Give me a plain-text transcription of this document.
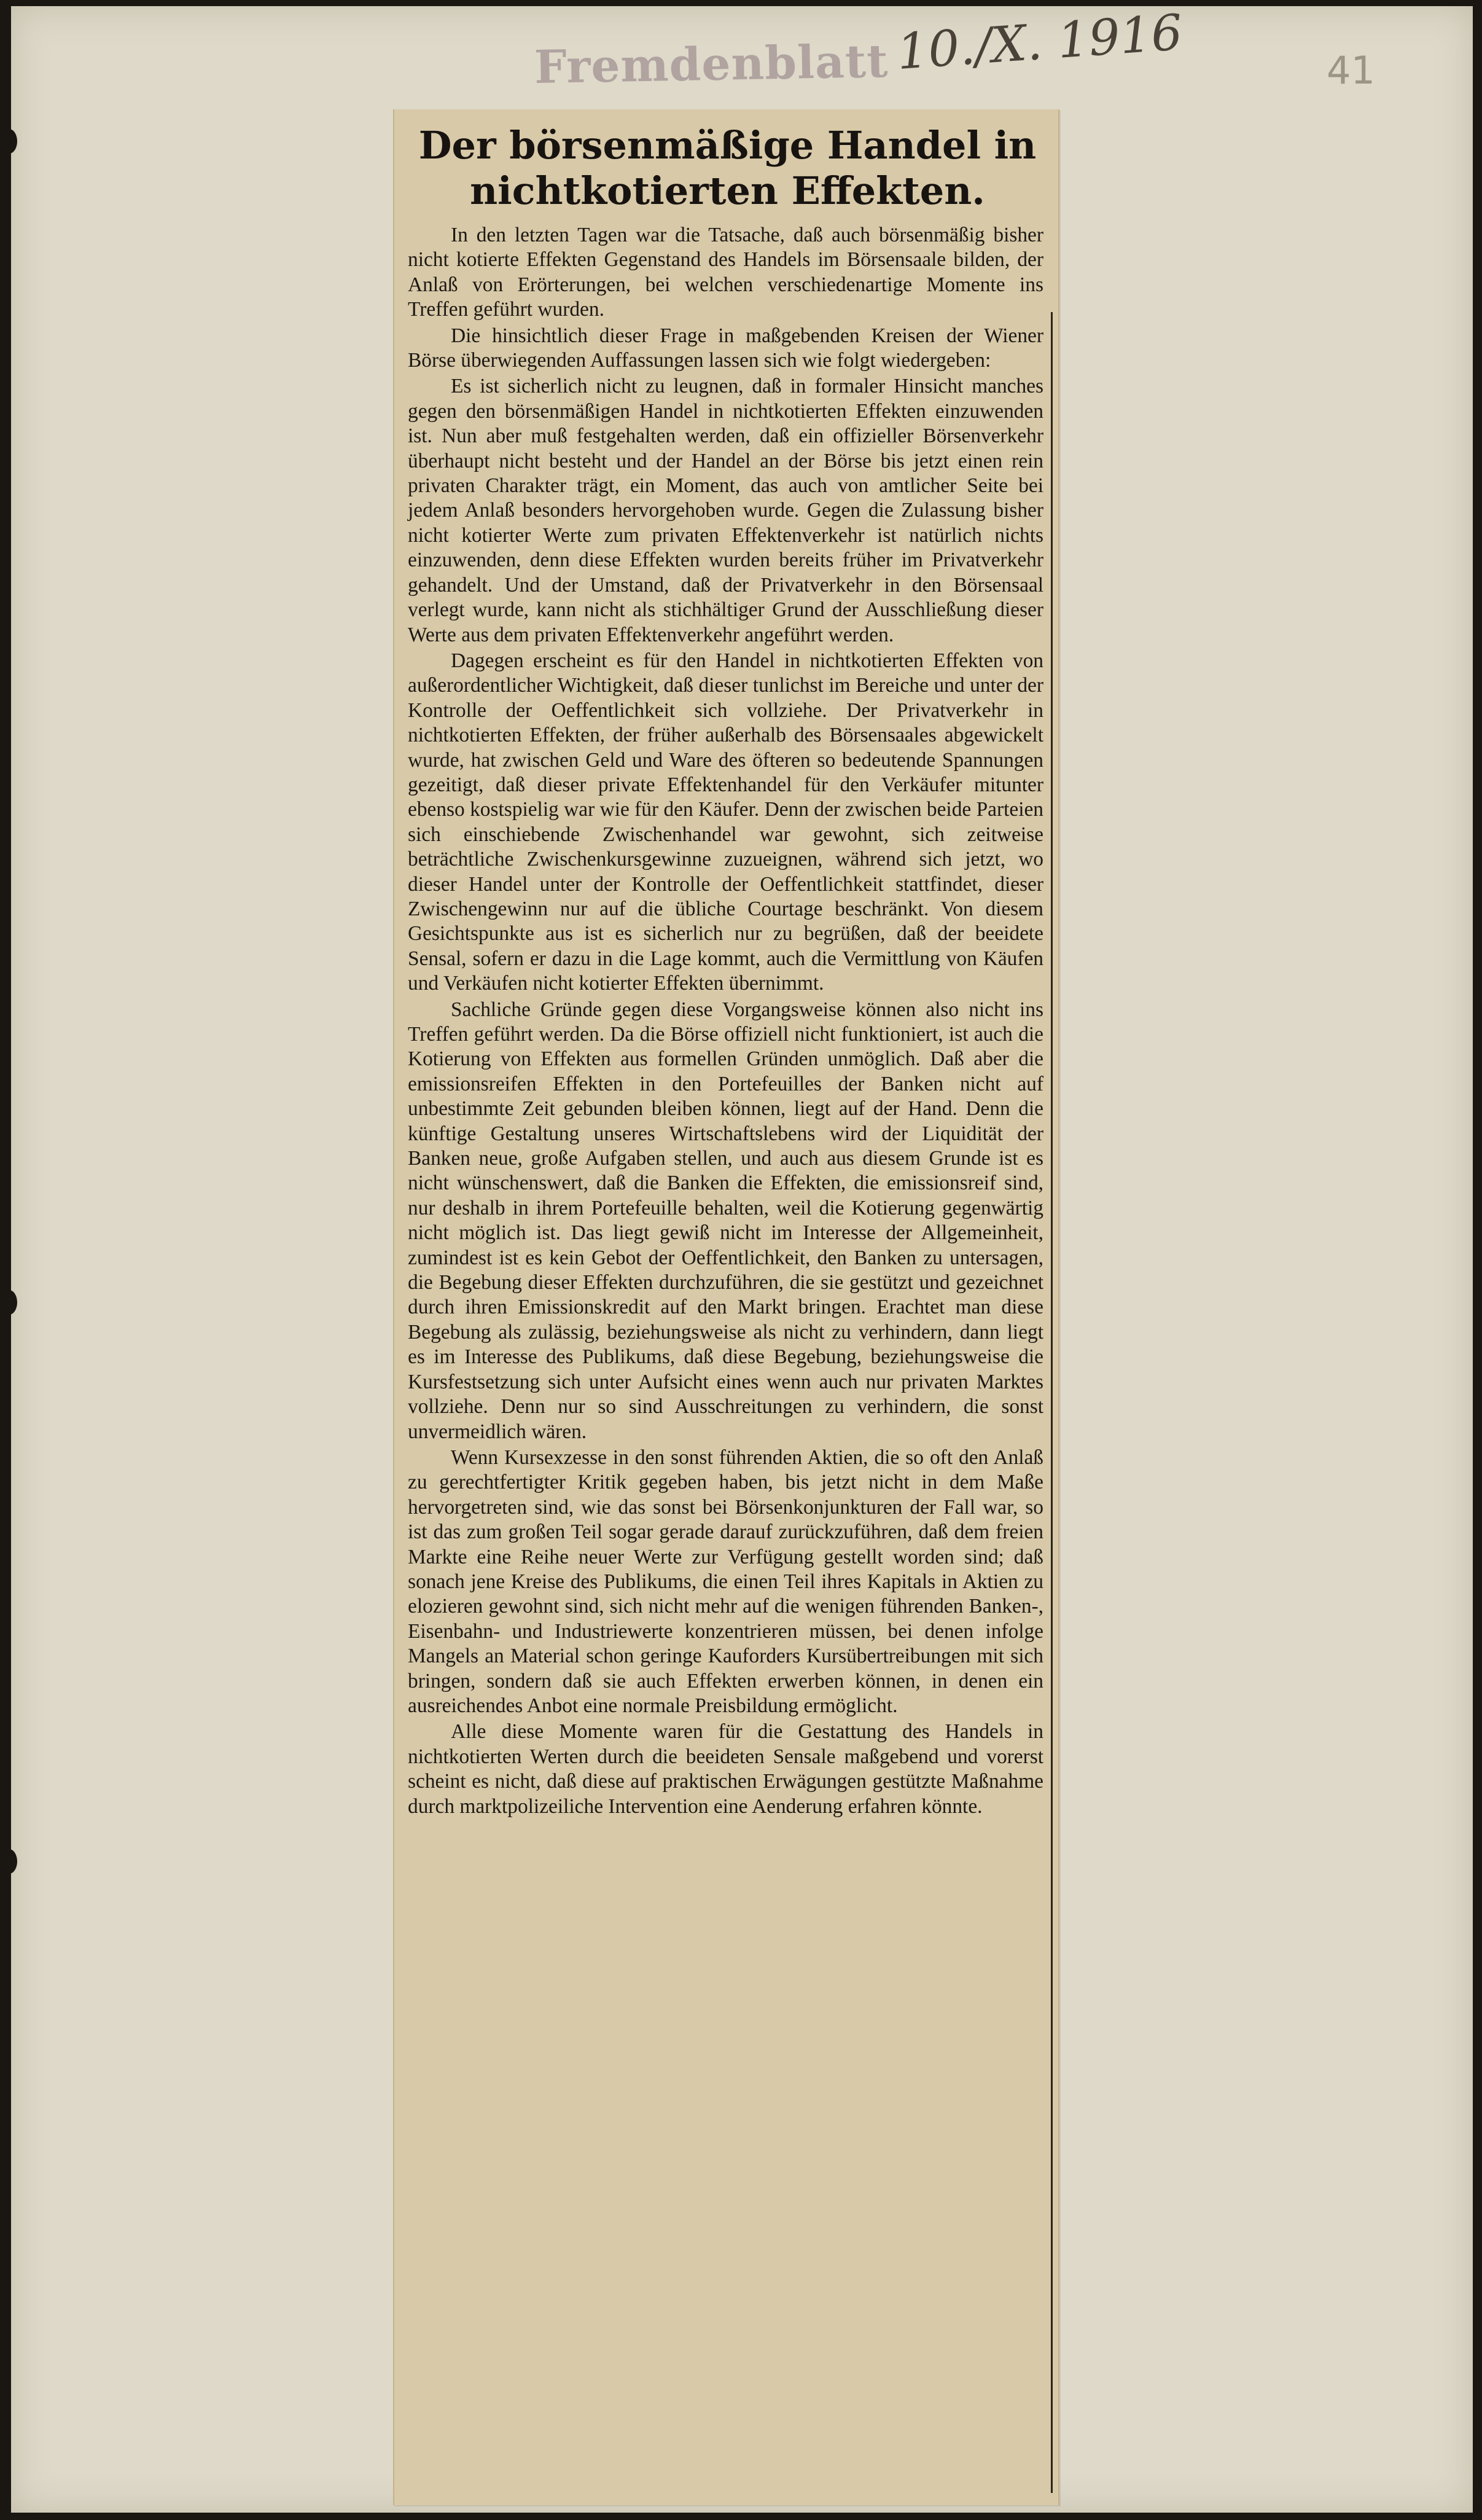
Fremdenblatt 10./X. 1916	41
Der börsenmäßige Handel in nichtkotierten Effekten.

In den letzten Tagen war die Tatsache, daß auch börsenmäßig bisher nicht kotierte Effekten Gegenstand des Handels im Börsensaale bilden, der Anlaß von Erörterungen, bei welchen verschiedenartige Momente ins Treffen geführt wurden.

Die hinsichtlich dieser Frage in maßgebenden Kreisen der Wiener Börse überwiegenden Auffassungen lassen sich wie folgt wiedergeben:

Es ist sicherlich nicht zu leugnen, daß in formaler Hinsicht manches gegen den börsenmäßigen Handel in nichtkotierten Effekten einzuwenden ist. Nun aber muß festgehalten werden, daß ein offizieller Börsenverkehr überhaupt nicht besteht und der Handel an der Börse bis jetzt einen rein privaten Charakter trägt, ein Moment, das auch von amtlicher Seite bei jedem Anlaß besonders hervorgehoben wurde. Gegen die Zulassung bisher nicht kotierter Werte zum privaten Effektenverkehr ist natürlich nichts einzuwenden, denn diese Effekten wurden bereits früher im Privatverkehr gehandelt. Und der Umstand, daß der Privatverkehr in den Börsensaal verlegt wurde, kann nicht als stichhältiger Grund der Ausschließung dieser Werte aus dem privaten Effektenverkehr angeführt werden.

Dagegen erscheint es für den Handel in nichtkotierten Effekten von außerordentlicher Wichtigkeit, daß dieser tunlichst im Bereiche und unter der Kontrolle der Oeffentlichkeit sich vollziehe. Der Privatverkehr in nichtkotierten Effekten, der früher außerhalb des Börsensaales abgewickelt wurde, hat zwischen Geld und Ware des öfteren so bedeutende Spannungen gezeitigt, daß dieser private Effektenhandel für den Verkäufer mitunter ebenso kostspielig war wie für den Käufer. Denn der zwischen beide Parteien sich einschiebende Zwischenhandel war gewohnt, sich zeitweise beträchtliche Zwischenkursgewinne zuzueignen, während sich jetzt, wo dieser Handel unter der Kontrolle der Oeffentlichkeit stattfindet, dieser Zwischengewinn nur auf die übliche Courtage beschränkt. Von diesem Gesichtspunkte aus ist es sicherlich nur zu begrüßen, daß der beeidete Sensal, sofern er dazu in die Lage kommt, auch die Vermittlung von Käufen und Verkäufen nicht kotierter Effekten übernimmt.

Sachliche Gründe gegen diese Vorgangsweise können also nicht ins Treffen geführt werden. Da die Börse offiziell nicht funktioniert, ist auch die Kotierung von Effekten aus formellen Gründen unmöglich. Daß aber die emissionsreifen Effekten in den Portefeuilles der Banken nicht auf unbestimmte Zeit gebunden bleiben können, liegt auf der Hand. Denn die künftige Gestaltung unseres Wirtschaftslebens wird der Liquidität der Banken neue, große Aufgaben stellen, und auch aus diesem Grunde ist es nicht wünschenswert, daß die Banken die Effekten, die emissionsreif sind, nur deshalb in ihrem Portefeuille behalten, weil die Kotierung gegenwärtig nicht möglich ist. Das liegt gewiß nicht im Interesse der Allgemeinheit, zumindest ist es kein Gebot der Oeffentlichkeit, den Banken zu untersagen, die Begebung dieser Effekten durchzuführen, die sie gestützt und gezeichnet durch ihren Emissionskredit auf den Markt bringen. Erachtet man diese Begebung als zulässig, beziehungsweise als nicht zu verhindern, dann liegt es im Interesse des Publikums, daß diese Begebung, beziehungsweise die Kursfestsetzung sich unter Aufsicht eines wenn auch nur privaten Marktes vollziehe. Denn nur so sind Ausschreitungen zu verhindern, die sonst unvermeidlich wären.

Wenn Kursexzesse in den sonst führenden Aktien, die so oft den Anlaß zu gerechtfertigter Kritik gegeben haben, bis jetzt nicht in dem Maße hervorgetreten sind, wie das sonst bei Börsenkonjunkturen der Fall war, so ist das zum großen Teil sogar gerade darauf zurückzuführen, daß dem freien Markte eine Reihe neuer Werte zur Verfügung gestellt worden sind; daß sonach jene Kreise des Publikums, die einen Teil ihres Kapitals in Aktien zu elozieren gewohnt sind, sich nicht mehr auf die wenigen führenden Banken-, Eisenbahn- und Industriewerte konzentrieren müssen, bei denen infolge Mangels an Material schon geringe Kauforders Kursübertreibungen mit sich bringen, sondern daß sie auch Effekten erwerben können, in denen ein ausreichendes Anbot eine normale Preisbildung ermöglicht.

Alle diese Momente waren für die Gestattung des Handels in nichtkotierten Werten durch die beeideten Sensale maßgebend und vorerst scheint es nicht, daß diese auf praktischen Erwägungen gestützte Maßnahme durch marktpolizeiliche Intervention eine Aenderung erfahren könnte.
